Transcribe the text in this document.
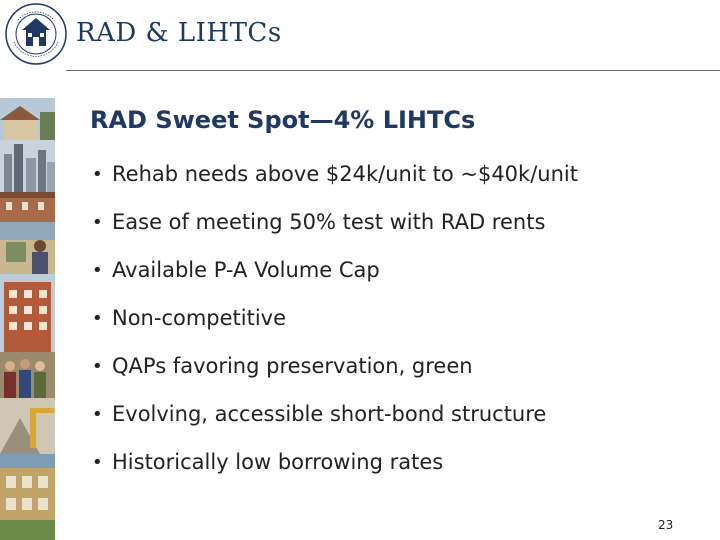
RAD & LIHTCs
RAD Sweet Spot—4% LIHTCs
• Rehab needs above $24k/unit to ~$40k/unit
• Ease of meeting 50% test with RAD rents
• Available P-A Volume Cap
• Non-competitive
• QAPs favoring preservation, green
• Evolving, accessible short-bond structure
• Historically low borrowing rates
23
